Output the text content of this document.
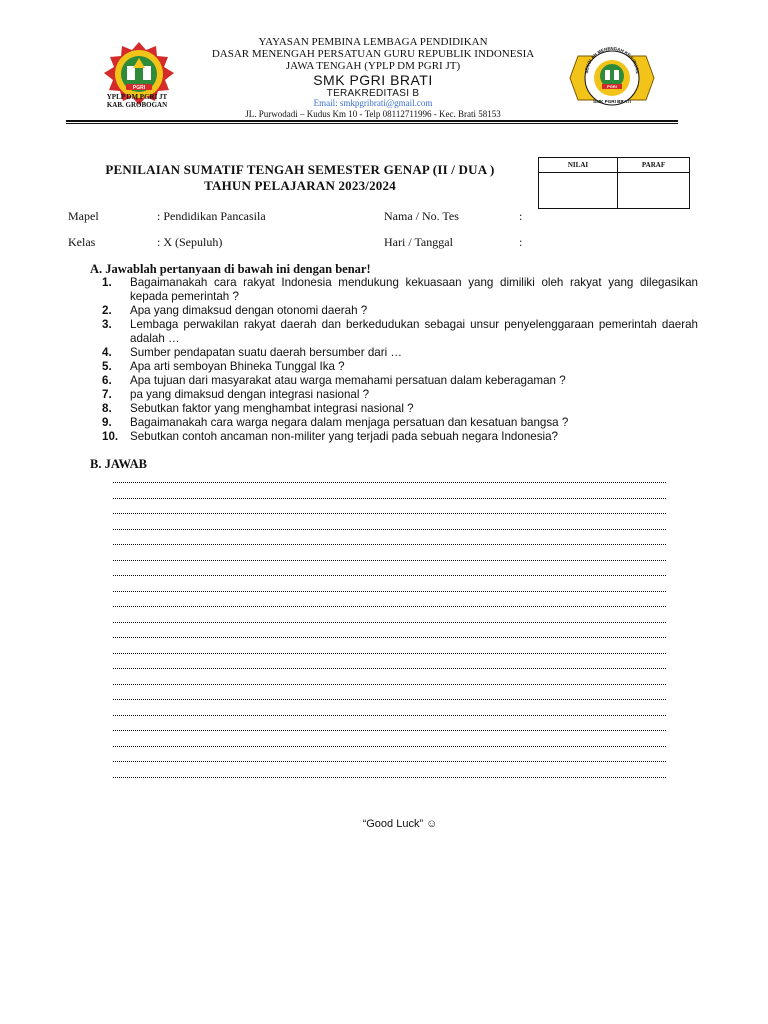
YAYASAN PEMBINA LEMBAGA PENDIDIKAN
DASAR MENENGAH PERSATUAN GURU REPUBLIK INDONESIA
JAWA TENGAH (YPLP DM PGRI JT)
SMK PGRI BRATI
TERAKREDITASI B
Email: smkpgribrati@gmail.com
JL. Purwodadi – Kudus Km 10 - Telp 08112711996 - Kec. Brati 58153
PGRI
YPLP DM PGRI JT
KAB. GROBOGAN
PGRI
SMK PGRI BRATI
SEKOLAH MENENGAH KEJURUAN
PENILAIAN SUMATIF TENGAH SEMESTER GENAP (II / DUA )
TAHUN PELAJARAN 2023/2024
NILAI	PARAF
Mapel	: Pendidikan Pancasila	Nama / No. Tes	:
Kelas	: X (Sepuluh)	Hari / Tanggal	:
A. Jawablah pertanyaan di bawah ini dengan benar!
1.	Bagaimanakah cara rakyat Indonesia mendukung kekuasaan yang dimiliki oleh rakyat yang dilegasikan kepada pemerintah ?
2.	Apa yang dimaksud dengan otonomi daerah ?
3.	Lembaga perwakilan rakyat daerah dan berkedudukan sebagai unsur penyelenggaraan pemerintah daerah adalah …
4.	Sumber pendapatan suatu daerah bersumber dari …
5.	Apa arti semboyan Bhineka Tunggal Ika ?
6.	Apa tujuan dari masyarakat atau warga memahami persatuan dalam keberagaman ?
7.	pa yang dimaksud dengan integrasi nasional ?
8.	Sebutkan faktor yang menghambat integrasi nasional ?
9.	Bagaimanakah cara warga negara dalam menjaga persatuan dan kesatuan bangsa ?
10.	Sebutkan contoh ancaman non-militer yang terjadi pada sebuah negara Indonesia?
B. JAWAB
“Good Luck” ☺
